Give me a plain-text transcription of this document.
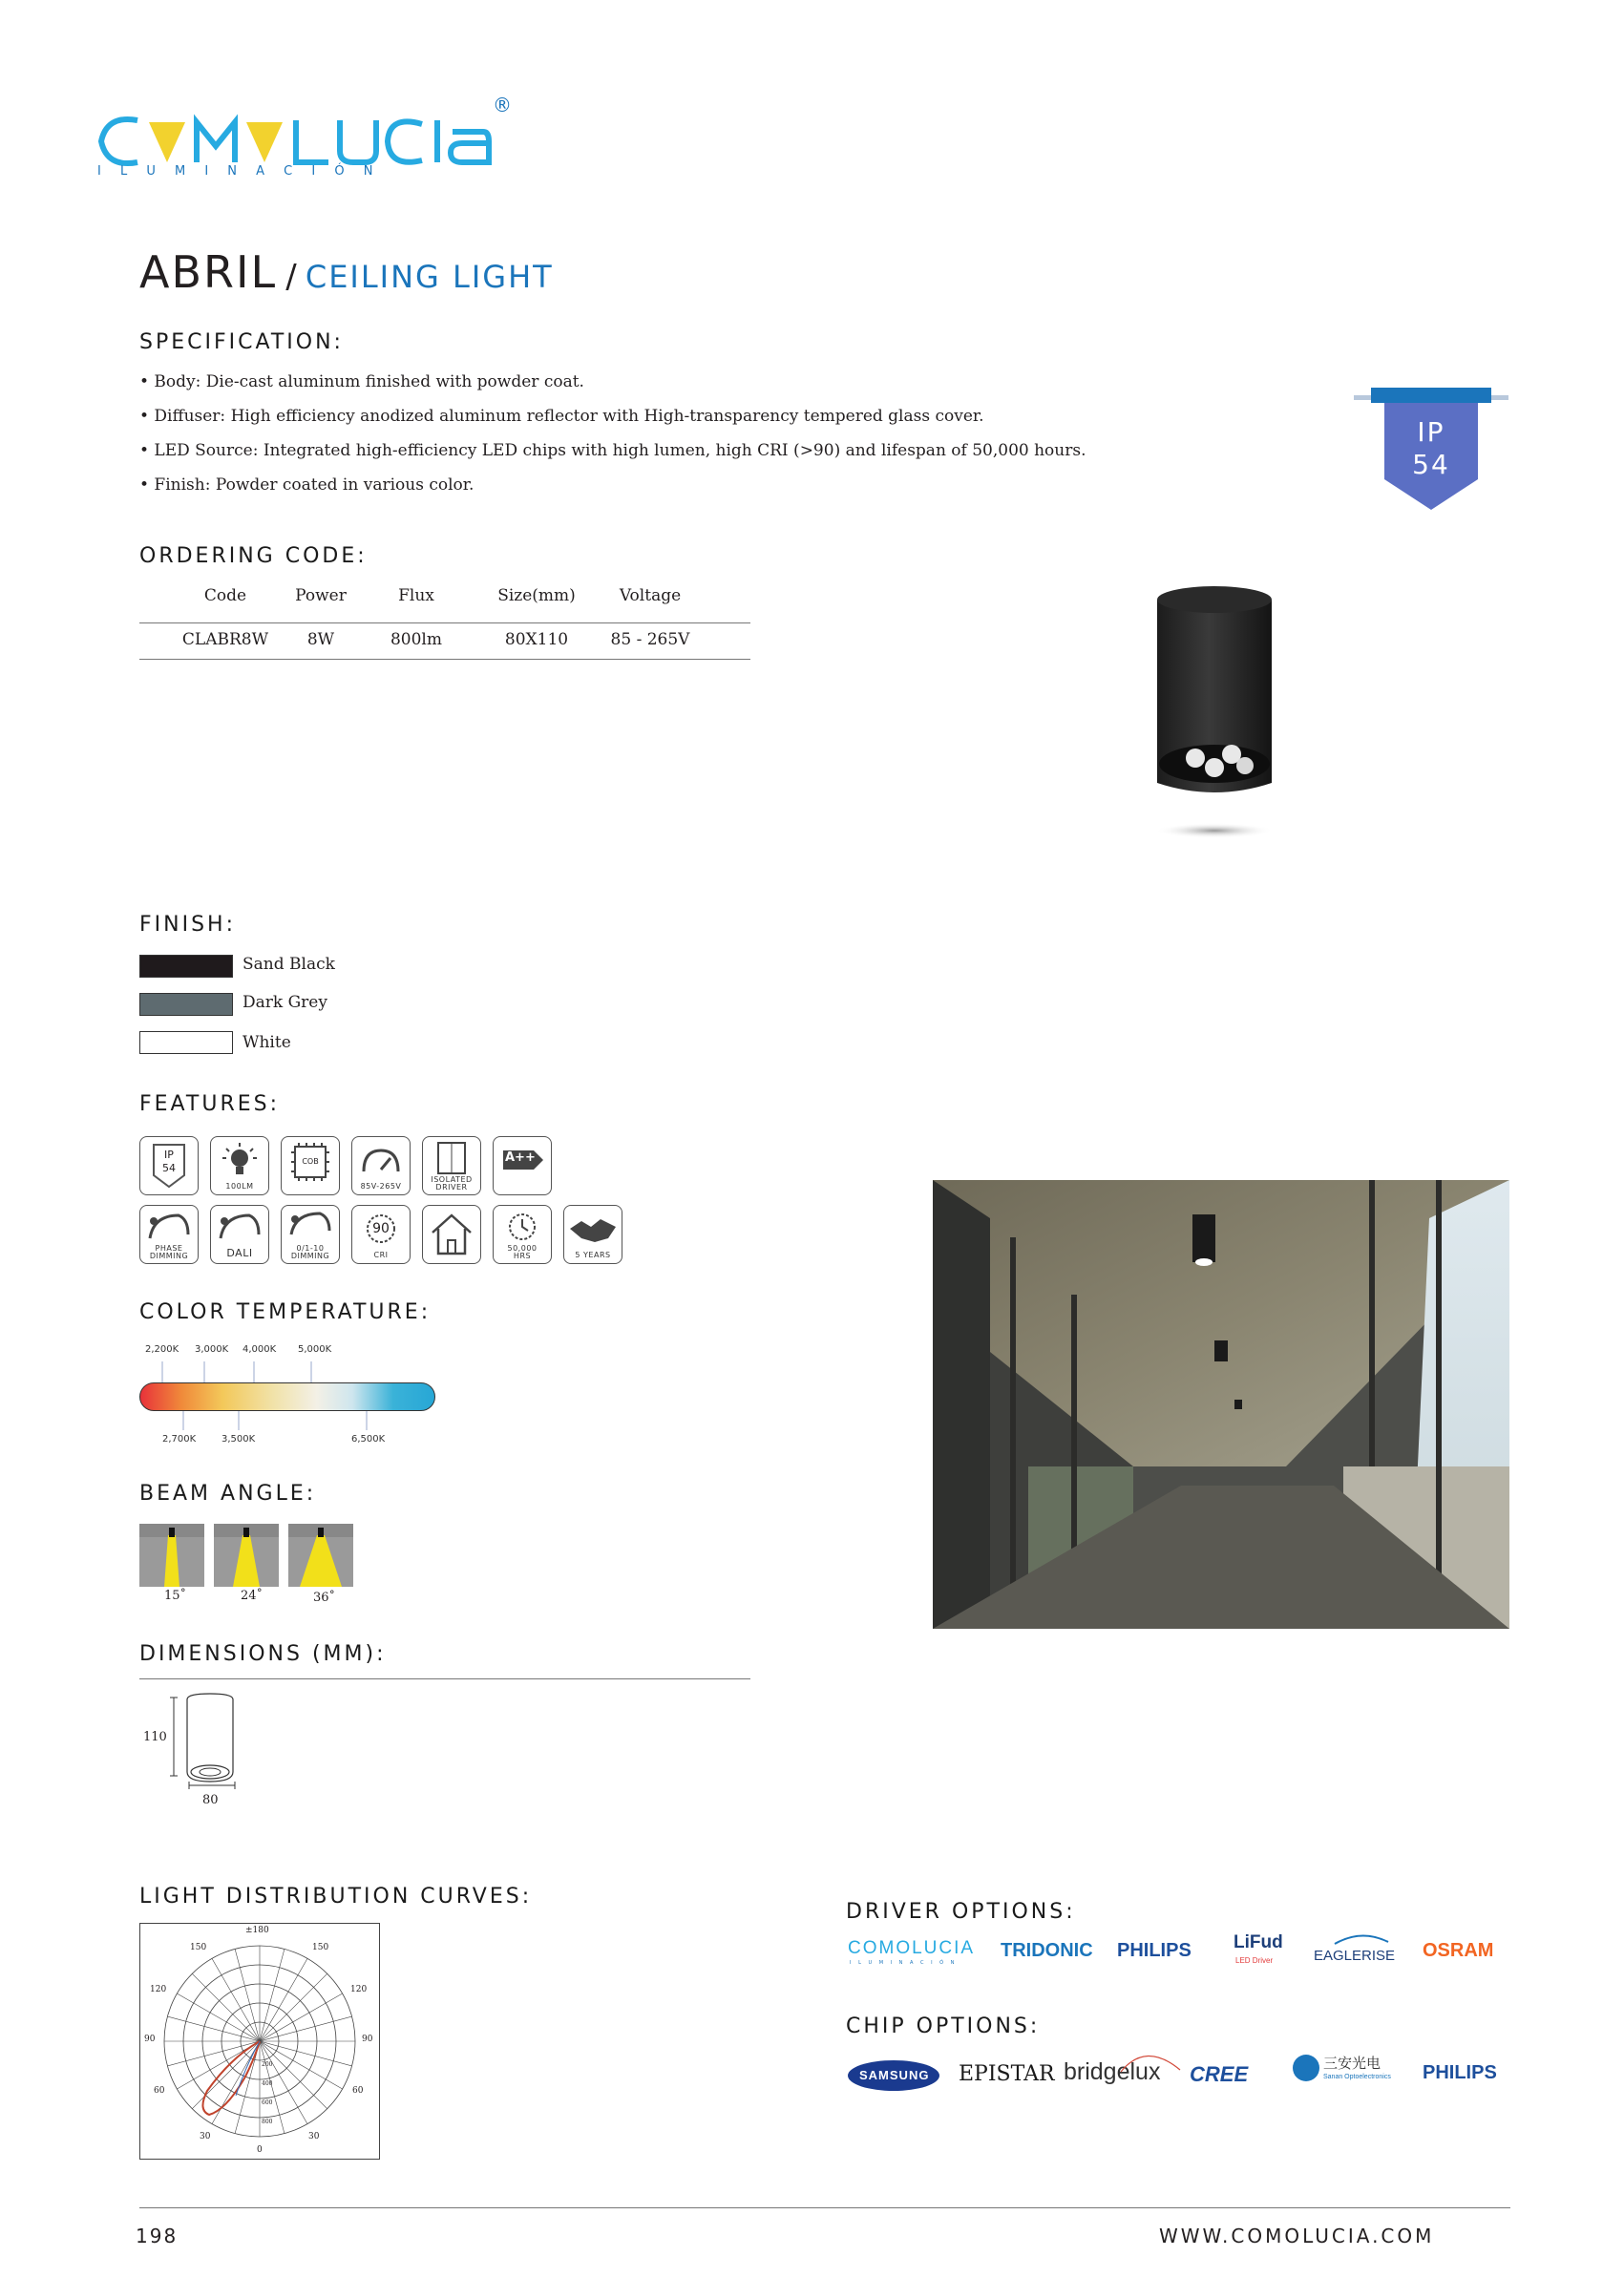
®
I L U M I N A C I Ó N
ABRIL / CEILING LIGHT
SPECIFICATION:
• Body: Die-cast aluminum finished with powder coat.
• Diffuser: High efficiency anodized aluminum reflector with High-transparency tempered glass cover.
• LED Source: Integrated high-efficiency LED chips with high lumen, high CRI (>90) and lifespan of 50,000 hours.
• Finish: Powder coated in various color.
IP
54
ORDERING CODE:
Code	Power	Flux	Size(mm)	Voltage
CLABR8W	8W	800lm	80X110	85 - 265V
FINISH:
Sand Black
Dark Grey
White
FEATURES:
IP
54
100LM
COB
85V-265V
ISOLATED
DRIVER
A++
PHASE
DIMMING	DALI	0/1-10
DIMMING
90
CRI
50,000
HRS	5 YEARS
COLOR TEMPERATURE:
2,200K 3,000K 4,000K 5,000K
2,700K	3,500K	6,500K
BEAM ANGLE:
15˚	24˚	36˚
DIMENSIONS (MM):
110
80
LIGHT DISTRIBUTION CURVES:
±180
150	150
120	120
90	90
60	60
30	30
0
200
400
600
800
DRIVER OPTIONS:
COMOLUCIA
I L U M I N A C I Ó N
TRIDONIC PHILIPS LiFud
LED Driver	EAGLERISE OSRAM
CHIP OPTIONS:
SAMSUNG EPISTAR bridgelux CREE	三安光电
Sanan Optoelectronics PHILIPS
198	WWW.COMOLUCIA.COM
